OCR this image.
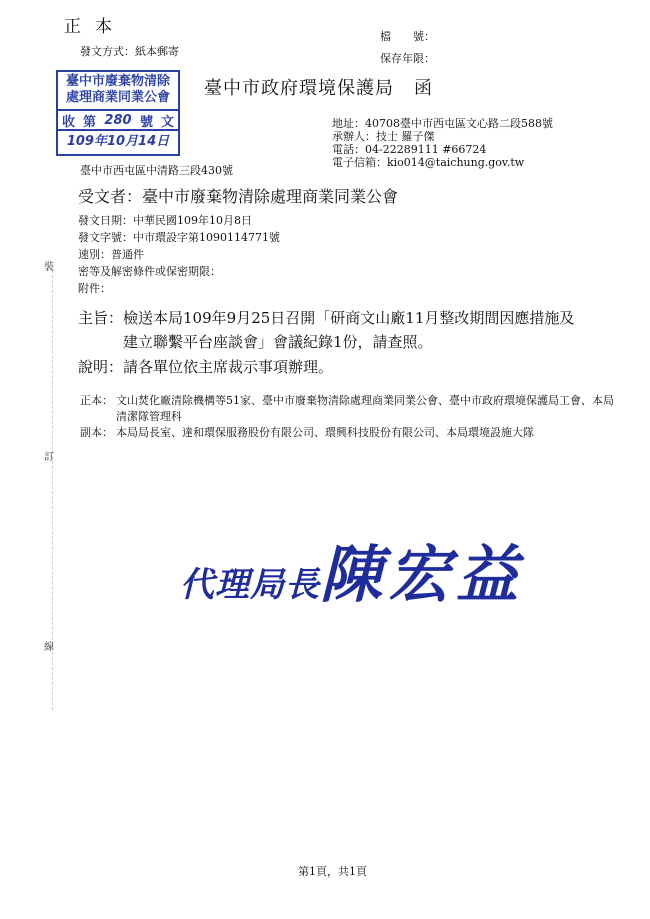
正本
發文方式：紙本郵寄
檔　　號：
保存年限：
臺中市廢棄物清除
處理商業同業公會
收 第 280 號 文
109年10月14日
臺中市政府環境保護局 函
地址：40708臺中市西屯區文心路二段588號
承辦人：技士 羅子傑
電話：04-22289111 #66724
電子信箱：kio014@taichung.gov.tw
臺中市西屯區中清路三段430號
受文者：臺中市廢棄物清除處理商業同業公會
發文日期：中華民國109年10月8日
發文字號：中市環設字第1090114771號
速別：普通件
密等及解密條件或保密期限：
附件：
主旨：檢送本局109年9月25日召開「研商文山廠11月整改期間因應措施及建立聯繫平台座談會」會議紀錄1份，請查照。
說明：請各單位依主席裁示事項辦理。
正本： 文山焚化廠清除機構等51家、臺中市廢棄物清除處理商業同業公會、臺中市政府環境保護局工會、本局清潔隊管理科
副本： 本局局長室、達和環保服務股份有限公司、環興科技股份有限公司、本局環境設施大隊
裝
訂
線
代理局長陳宏益
第1頁，共1頁
